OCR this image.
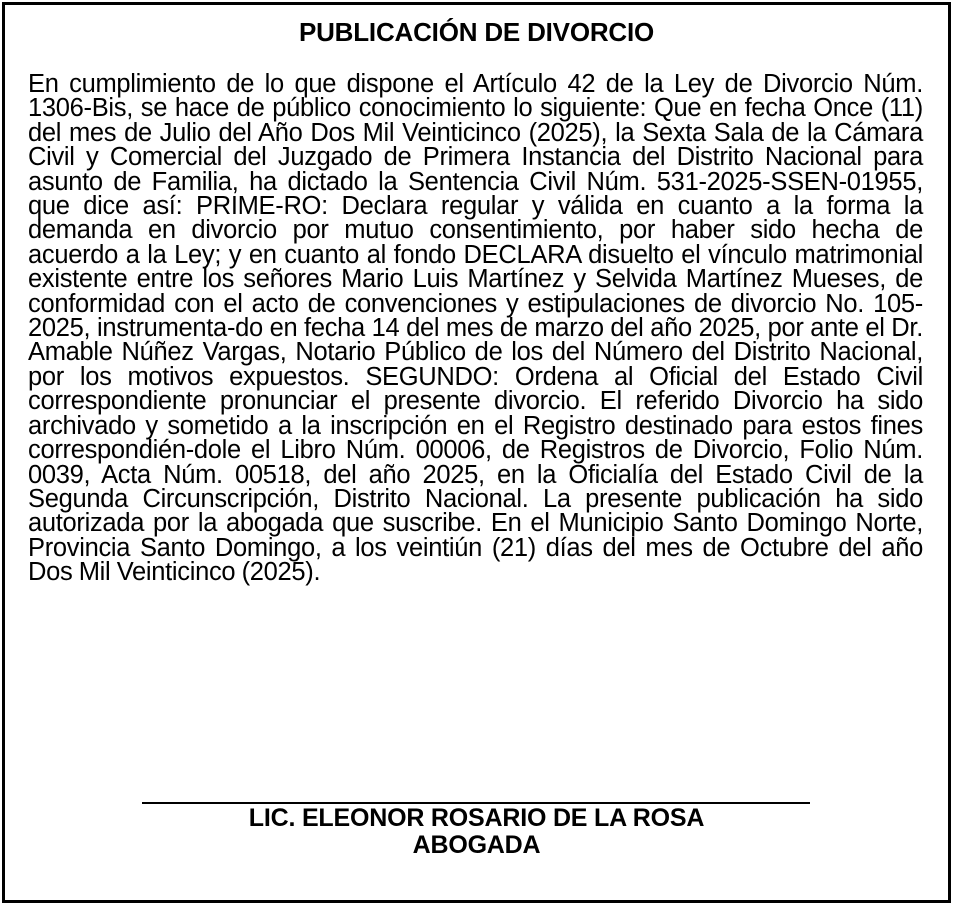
PUBLICACIÓN DE DIVORCIO

En cumplimiento de lo que dispone el Artículo 42 de la Ley de Divorcio Núm. 1306-Bis, se hace de público conocimiento lo siguiente: Que en fecha Once (11) del mes de Julio del Año Dos Mil Veinticinco (2025), la Sexta Sala de la Cámara Civil y Comercial del Juzgado de Primera Instancia del Distrito Nacional para asunto de Familia, ha dictado la Sentencia Civil Núm. 531-2025-SSEN-01955, que dice así: PRIME-RO: Declara regular y válida en cuanto a la forma la demanda en divorcio por mutuo consentimiento, por haber sido hecha de acuerdo a la Ley; y en cuanto al fondo DECLARA disuelto el vínculo matrimonial existente entre los señores Mario Luis Martínez y Selvida Martínez Mueses, de conformidad con el acto de convenciones y estipulaciones de divorcio No. 105-2025, instrumenta-do en fecha 14 del mes de marzo del año 2025, por ante el Dr. Amable Núñez Vargas, Notario Público de los del Número del Distrito Nacional, por los motivos expuestos. SEGUNDO: Ordena al Oficial del Estado Civil correspondiente pronunciar el presente divorcio. El referido Divorcio ha sido archivado y sometido a la inscripción en el Registro destinado para estos fines correspondién-dole el Libro Núm. 00006, de Registros de Divorcio, Folio Núm. 0039, Acta Núm. 00518, del año 2025, en la Oficialía del Estado Civil de la Segunda Circunscripción, Distrito Nacional. La presente publicación ha sido autorizada por la abogada que suscribe. En el Municipio Santo Domingo Norte, Provincia Santo Domingo, a los veintiún (21) días del mes de Octubre del año Dos Mil Veinticinco (2025).

LIC. ELEONOR ROSARIO DE LA ROSA
ABOGADA
